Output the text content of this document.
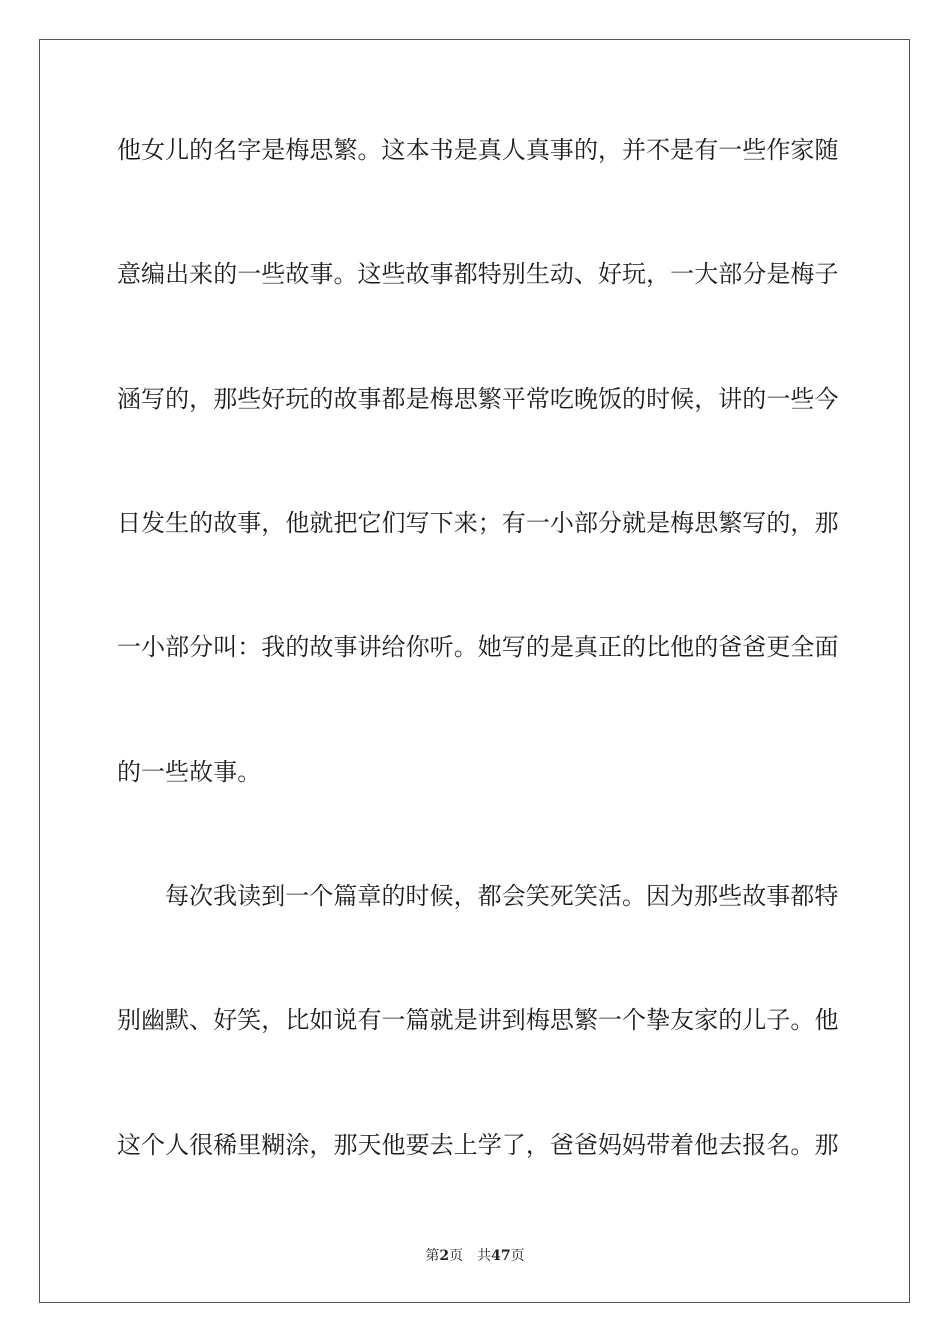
他女儿的名字是梅思繁。这本书是真人真事的，并不是有一些作家随
意编出来的一些故事。这些故事都特别生动、好玩，一大部分是梅子
涵写的，那些好玩的故事都是梅思繁平常吃晚饭的时候，讲的一些今
日发生的故事，他就把它们写下来；有一小部分就是梅思繁写的，那
一小部分叫：我的故事讲给你听。她写的是真正的比他的爸爸更全面
的一些故事。
每次我读到一个篇章的时候，都会笑死笑活。因为那些故事都特
别幽默、好笑，比如说有一篇就是讲到梅思繁一个挚友家的儿子。他
这个人很稀里糊涂，那天他要去上学了，爸爸妈妈带着他去报名。那
第2页 共47页
